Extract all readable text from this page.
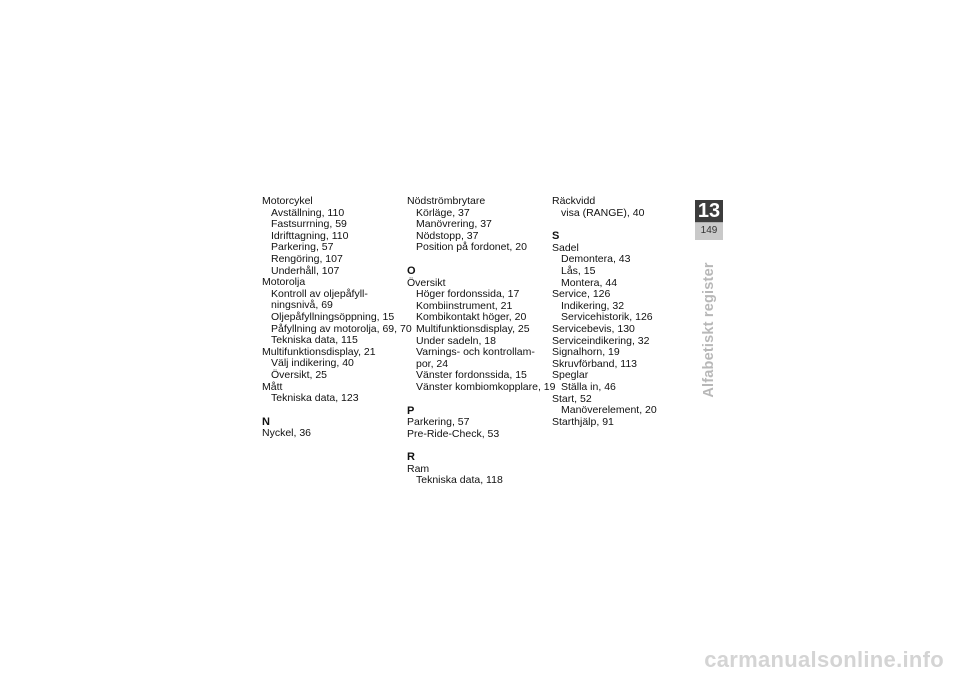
Motorcykel
Avställning, 110
Fastsurrning, 59
Idrifttagning, 110
Parkering, 57
Rengöring, 107
Underhåll, 107
Motorolja
Kontroll av oljepåfyll-
ningsnivå, 69
Oljepåfyllningsöppning, 15
Påfyllning av motorolja, 69, 70
Tekniska data, 115
Multifunktionsdisplay, 21
Välj indikering, 40
Översikt, 25
Mått
Tekniska data, 123
N
Nyckel, 36
Nödströmbrytare
Körläge, 37
Manövrering, 37
Nödstopp, 37
Position på fordonet, 20
O
Översikt
Höger fordonssida, 17
Kombiinstrument, 21
Kombikontakt höger, 20
Multifunktionsdisplay, 25
Under sadeln, 18
Varnings- och kontrollam-
por, 24
Vänster fordonssida, 15
Vänster kombiomkopplare, 19
P
Parkering, 57
Pre-Ride-Check, 53
R
Ram
Tekniska data, 118
Räckvidd
visa (RANGE), 40
S
Sadel
Demontera, 43
Lås, 15
Montera, 44
Service, 126
Indikering, 32
Servicehistorik, 126
Servicebevis, 130
Serviceindikering, 32
Signalhorn, 19
Skruvförband, 113
Speglar
Ställa in, 46
Start, 52
Manöverelement, 20
Starthjälp, 91
13
149
Alfabetiskt register
carmanualsonline.info
